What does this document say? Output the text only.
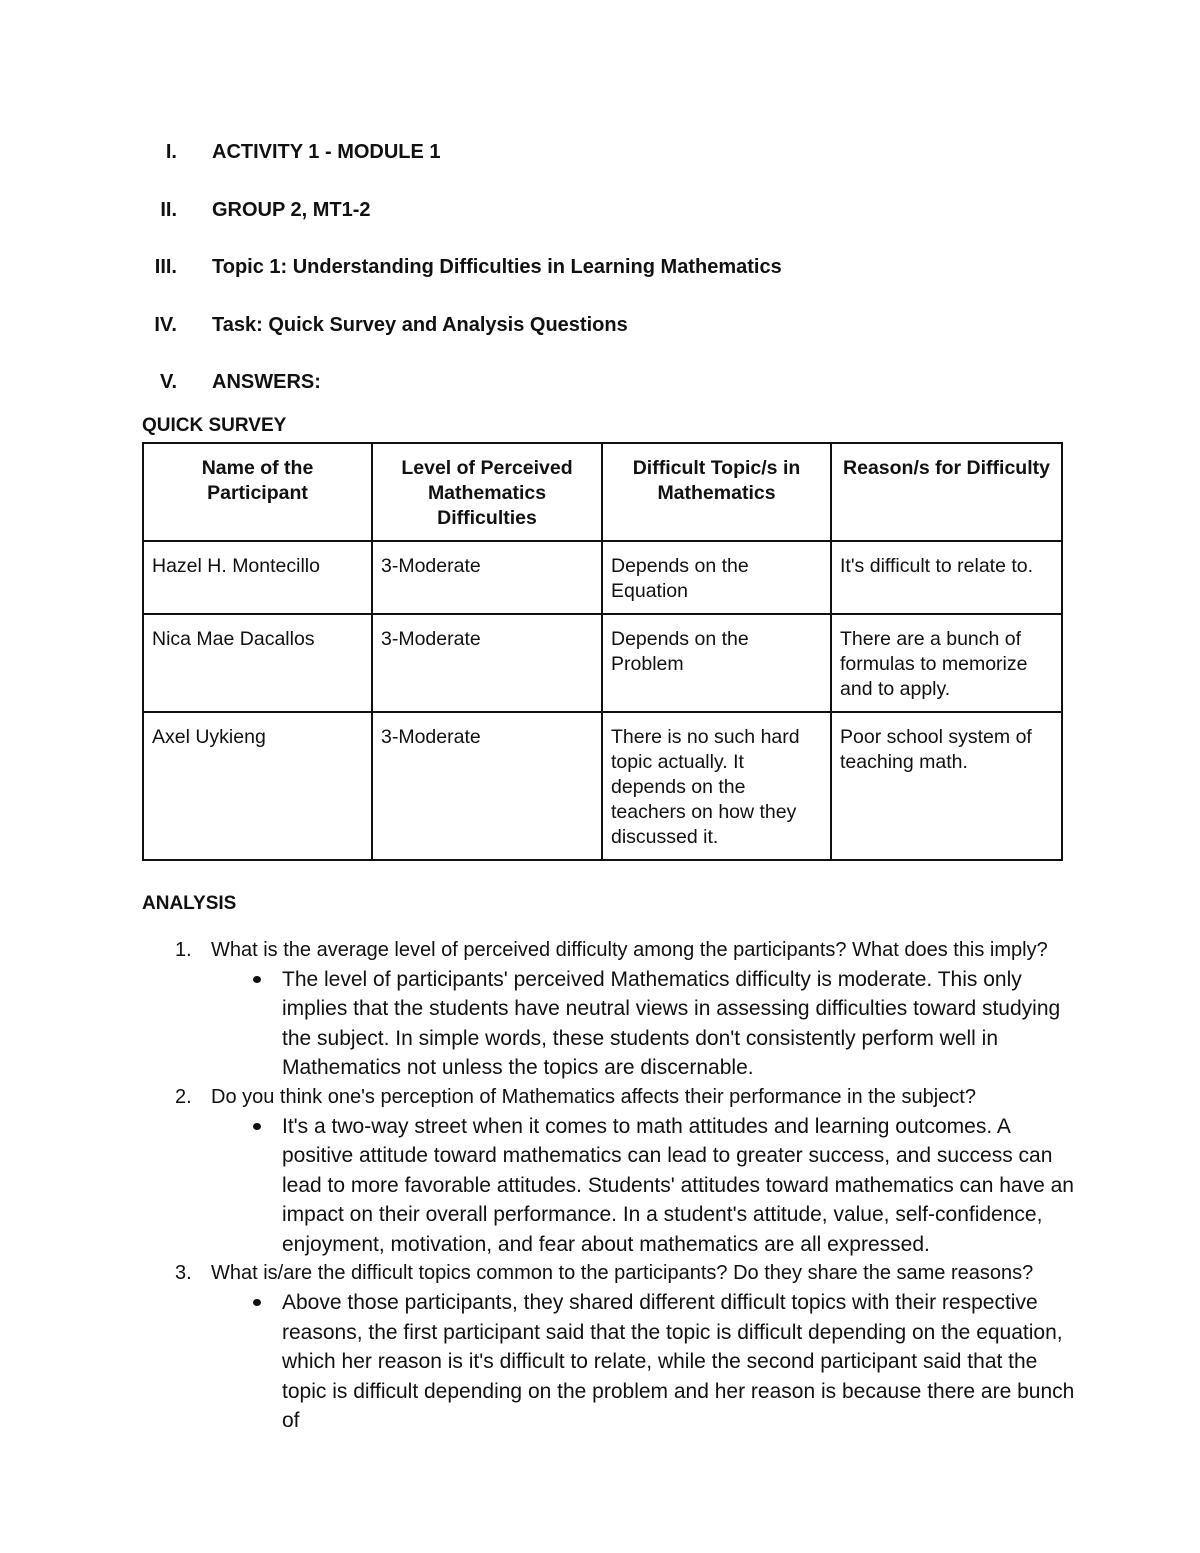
I. ACTIVITY 1 - MODULE 1
II. GROUP 2, MT1-2
III. Topic 1: Understanding Difficulties in Learning Mathematics
IV. Task: Quick Survey and Analysis Questions
V. ANSWERS:

QUICK SURVEY

Name of the Participant	Level of Perceived Mathematics Difficulties	Difficult Topic/s in Mathematics	Reason/s for Difficulty
Hazel H. Montecillo	3-Moderate	Depends on the Equation	It's difficult to relate to.
Nica Mae Dacallos	3-Moderate	Depends on the Problem	There are a bunch of formulas to memorize and to apply.
Axel Uykieng	3-Moderate	There is no such hard topic actually. It depends on the teachers on how they discussed it.	Poor school system of teaching math.

ANALYSIS

1. What is the average level of perceived difficulty among the participants? What does this imply?
The level of participants' perceived Mathematics difficulty is moderate. This only implies that the students have neutral views in assessing difficulties toward studying the subject. In simple words, these students don't consistently perform well in Mathematics not unless the topics are discernable.
2. Do you think one's perception of Mathematics affects their performance in the subject?
It's a two-way street when it comes to math attitudes and learning outcomes. A positive attitude toward mathematics can lead to greater success, and success can lead to more favorable attitudes. Students' attitudes toward mathematics can have an impact on their overall performance. In a student's attitude, value, self-confidence, enjoyment, motivation, and fear about mathematics are all expressed.
3. What is/are the difficult topics common to the participants? Do they share the same reasons?
Above those participants, they shared different difficult topics with their respective reasons, the first participant said that the topic is difficult depending on the equation, which her reason is it's difficult to relate, while the second participant said that the topic is difficult depending on the problem and her reason is because there are bunch of
